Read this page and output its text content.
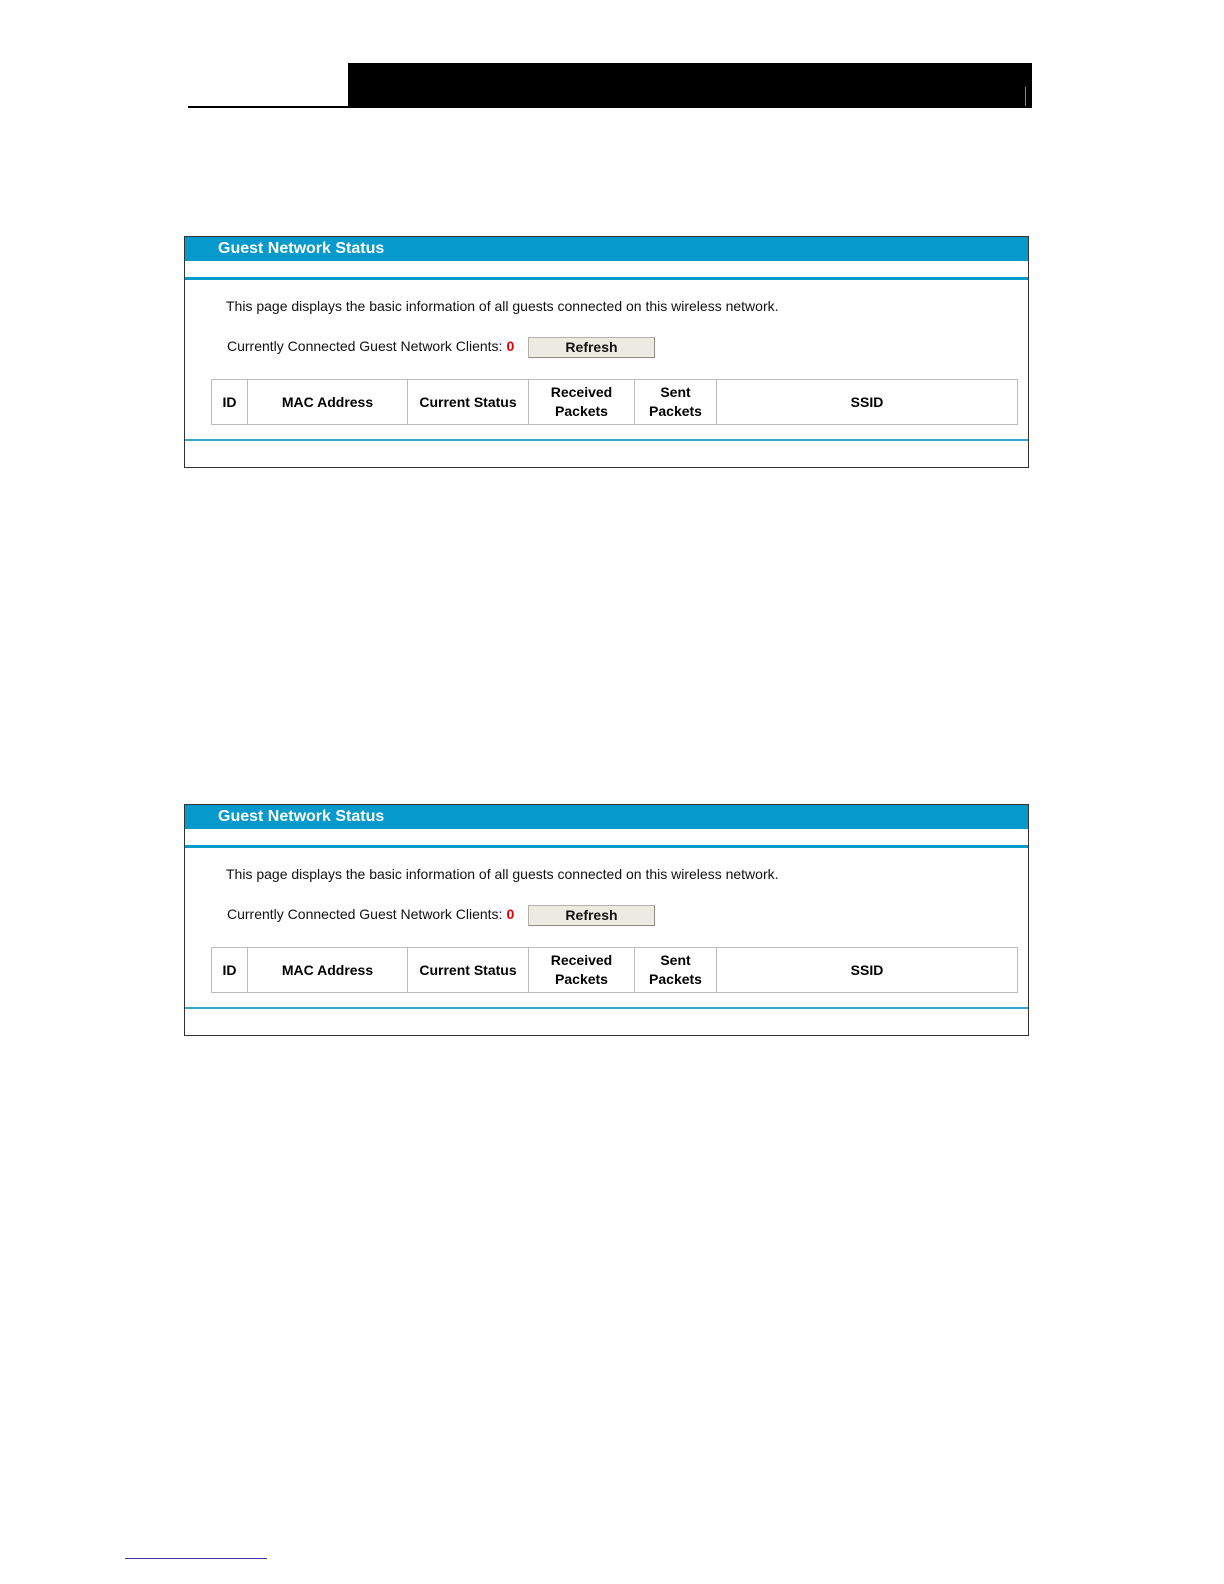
Guest Network Status
This page displays the basic information of all guests connected on this wireless network.
Currently Connected Guest Network Clients: 0	Refresh
ID	MAC Address	Current Status	Received Packets	Sent Packets	SSID
Guest Network Status
This page displays the basic information of all guests connected on this wireless network.
Currently Connected Guest Network Clients: 0	Refresh
ID	MAC Address	Current Status	Received Packets	Sent Packets	SSID
